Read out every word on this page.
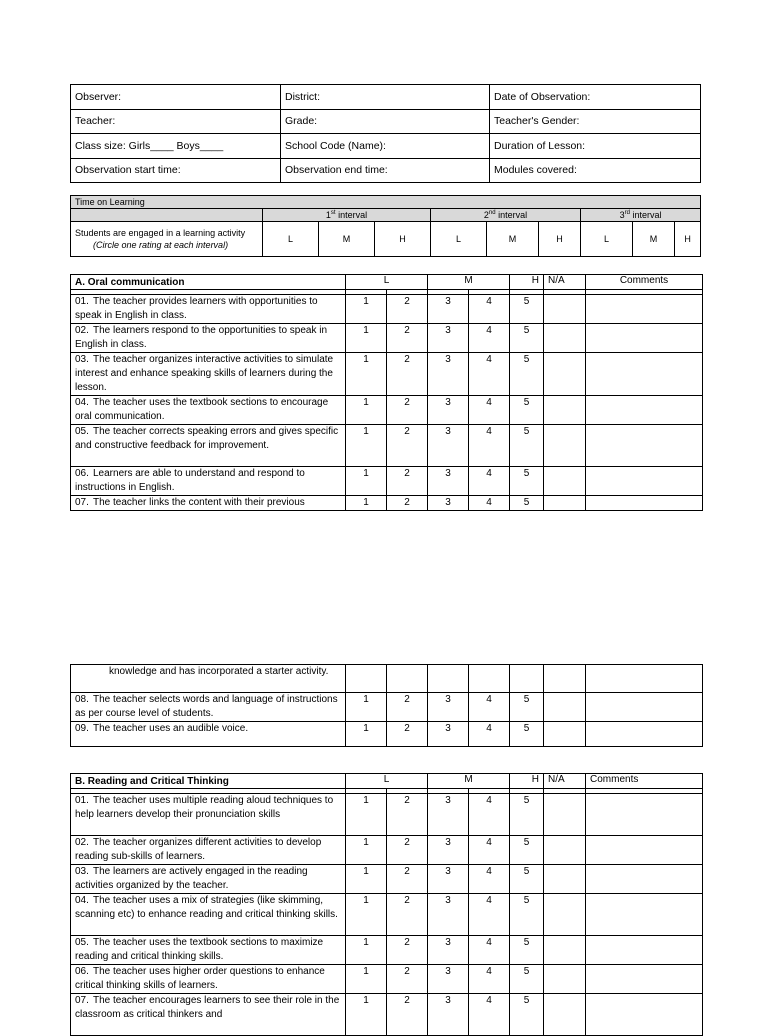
Observer:	District:	Date of Observation:
Teacher:	Grade:	Teacher's Gender:
Class size: Girls____ Boys____	School Code (Name):	Duration of Lesson:
Observation start time:	Observation end time:	Modules covered:
Time on Learning									
	1st interval			2nd interval			3rd interval		
Students are engaged in a learning activity
(Circle one rating at each interval)	L	M	H	L	M	H	L	M	H
A. Oral communication	L		M		H	N/A	Comments

01. The teacher provides learners with opportunities to speak in English in class.	1	2	3	4	5		
02. The learners respond to the opportunities to speak in English in class.	1	2	3	4	5		
03. The teacher organizes interactive activities to simulate interest and enhance speaking skills of learners during the lesson.	1	2	3	4	5		
04. The teacher uses the textbook sections to encourage oral communication.	1	2	3	4	5		
05. The teacher corrects speaking errors and gives specific and constructive feedback for improvement.	1	2	3	4	5		
06. Learners are able to understand and respond to instructions in English.	1	2	3	4	5		
07. The teacher links the content with their previous	1	2	3	4	5		
knowledge and has incorporated a starter activity.							
08. The teacher selects words and language of instructions as per course level of students.	1	2	3	4	5		
09. The teacher uses an audible voice.	1	2	3	4	5		
B. Reading and Critical Thinking	L		M		H	N/A	Comments

01. The teacher uses multiple reading aloud techniques to help learners develop their pronunciation skills	1	2	3	4	5		
02. The teacher organizes different activities to develop reading sub-skills of learners.	1	2	3	4	5		
03. The learners are actively engaged in the reading activities organized by the teacher.	1	2	3	4	5		
04. The teacher uses a mix of strategies (like skimming, scanning etc) to enhance reading and critical thinking skills.	1	2	3	4	5		
05. The teacher uses the textbook sections to maximize reading and critical thinking skills.	1	2	3	4	5		
06. The teacher uses higher order questions to enhance critical thinking skills of learners.	1	2	3	4	5		
07. The teacher encourages learners to see their role in the classroom as critical thinkers and	1	2	3	4	5		
